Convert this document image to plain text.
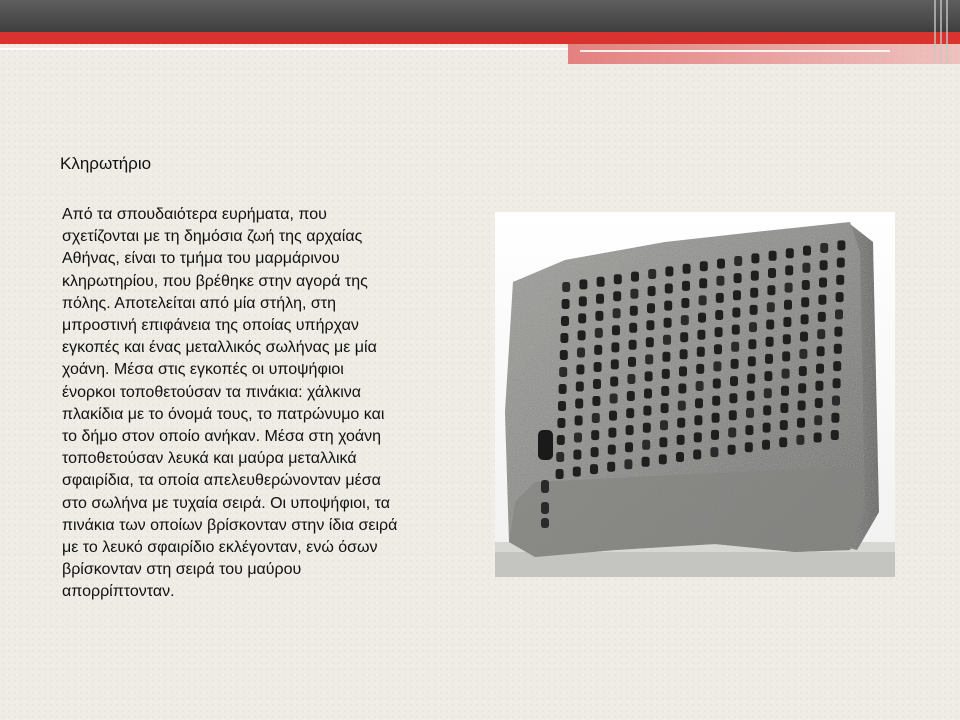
Κληρωτήριο
Από τα σπουδαιότερα ευρήματα, που
σχετίζονται με τη δημόσια ζωή της αρχαίας
Αθήνας, είναι το τμήμα του μαρμάρινου
κληρωτηρίου, που βρέθηκε στην αγορά της
πόλης. Αποτελείται από μία στήλη, στη
μπροστινή επιφάνεια της οποίας υπήρχαν
εγκοπές και ένας μεταλλικός σωλήνας με μία
χοάνη. Μέσα στις εγκοπές οι υποψήφιοι
ένορκοι τοποθετούσαν τα πινάκια: χάλκινα
πλακίδια με το όνομά τους, το πατρώνυμο και
το δήμο στον οποίο ανήκαν. Μέσα στη χοάνη
τοποθετούσαν λευκά και μαύρα μεταλλικά
σφαιρίδια, τα οποία απελευθερώνονταν μέσα
στο σωλήνα με τυχαία σειρά. Οι υποψήφιοι, τα
πινάκια των οποίων βρίσκονταν στην ίδια σειρά
με το λευκό σφαιρίδιο εκλέγονταν, ενώ όσων
βρίσκονταν στη σειρά του μαύρου
απορρίπτονταν.
